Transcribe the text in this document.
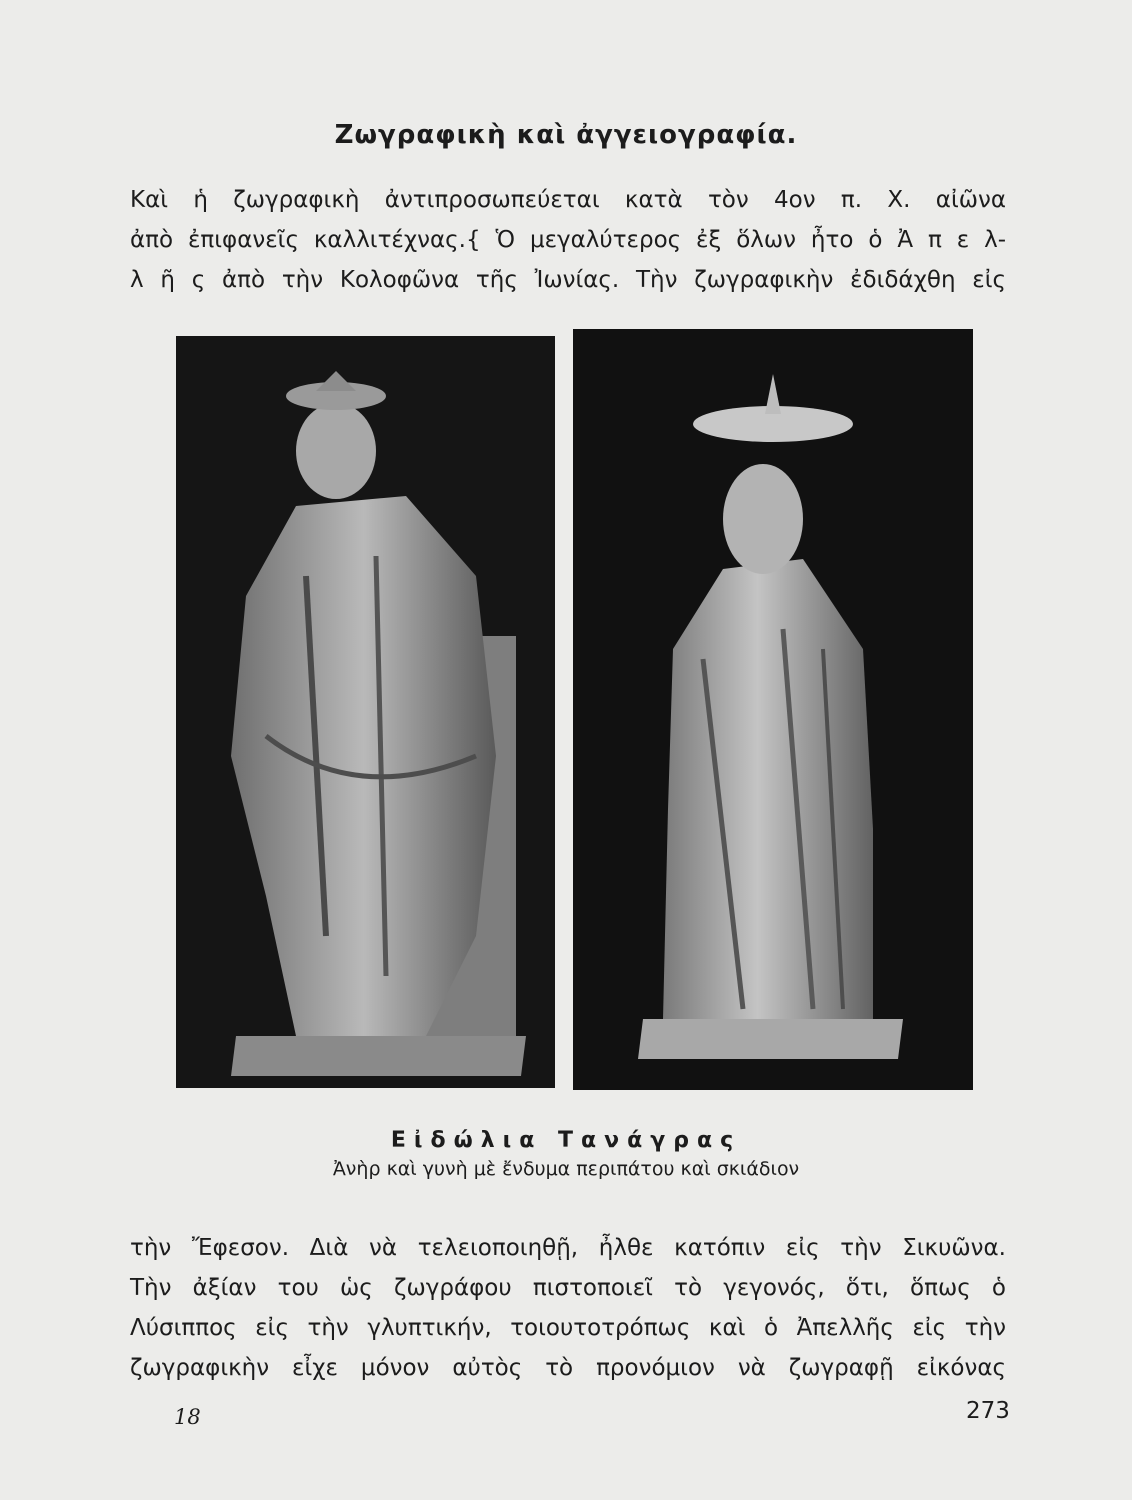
Ζωγραφικὴ καὶ ἀγγειογραφία.
Καὶ ἡ ζωγραφικὴ ἀντιπροσωπεύεται κατὰ τὸν 4ον π. Χ. αἰῶνα
ἀπὸ ἐπιφανεῖς καλλιτέχνας.{ Ὁ μεγαλύτερος ἐξ ὅλων ἦτο ὁ Ἀ π ε λ-
λ ῆ ς ἀπὸ τὴν Κολοφῶνα τῆς Ἰωνίας. Τὴν ζωγραφικὴν ἐδιδάχθη εἰς
Εἰδώλια Τανάγρας
Ἀνὴρ καὶ γυνὴ μὲ ἔνδυμα περιπάτου καὶ σκιάδιον
τὴν Ἔφεσον. Διὰ νὰ τελειοποιηθῇ, ἦλθε κατόπιν εἰς τὴν Σικυῶνα.
Τὴν ἀξίαν του ὡς ζωγράφου πιστοποιεῖ τὸ γεγονός, ὅτι, ὅπως ὁ
Λύσιππος εἰς τὴν γλυπτικήν, τοιουτοτρόπως καὶ ὁ Ἀπελλῆς εἰς τὴν
ζωγραφικὴν εἶχε μόνον αὐτὸς τὸ προνόμιον νὰ ζωγραφῇ εἰκόνας
18	273
